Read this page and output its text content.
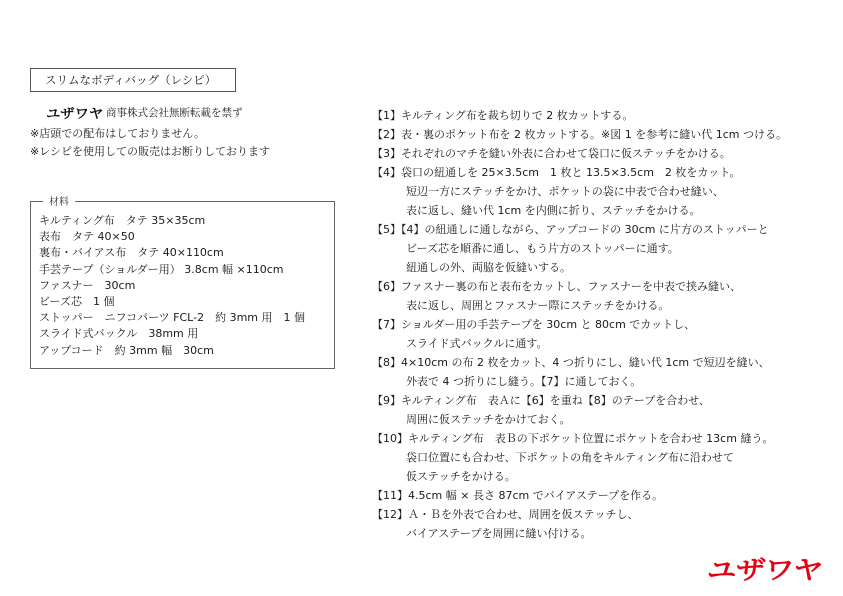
スリムなボディバッグ（レシピ）
ユザワヤ 商事株式会社無断転載を禁ず
※店頭での配布はしておりません。
※レシピを使用しての販売はお断りしております
材料
キルティング布　タテ 35×35cm
表布　タテ 40×50
裏布・バイアス布　タテ 40×110cm
手芸テープ（ショルダー用） 3.8cm 幅 ×110cm
ファスナー　30cm
ビーズ芯　1 個
ストッパー　ニフコパーツ FCL-2　約 3mm 用　1 個
スライド式バックル　38mm 用
アップコード　約 3mm 幅　30cm
【1】キルティング布を裁ち切りで 2 枚カットする。
【2】表・裏のポケット布を 2 枚カットする。※図 1 を参考に縫い代 1cm つける。
【3】それぞれのマチを縫い外表に合わせて袋口に仮ステッチをかける。
【4】袋口の紐通しを 25×3.5cm　1 枚と 13.5×3.5cm　2 枚をカット。
短辺一方にステッチをかけ、ポケットの袋に中表で合わせ縫い、
表に返し、縫い代 1cm を内側に折り、ステッチをかける。
【5】【4】の紐通しに通しながら、アップコードの 30cm に片方のストッパーと
ビーズ芯を順番に通し、もう片方のストッパーに通す。
紐通しの外、両脇を仮縫いする。
【6】ファスナー裏の布と表布をカットし、ファスナーを中表で挟み縫い、
表に返し、周囲とファスナー際にステッチをかける。
【7】ショルダー用の手芸テープを 30cm と 80cm でカットし、
スライド式バックルに通す。
【8】4×10cm の布 2 枚をカット、4 つ折りにし、縫い代 1cm で短辺を縫い、
外表で 4 つ折りにし縫う。【7】に通しておく。
【9】キルティング布　表Ａに【6】を重ね【8】のテープを合わせ、
周囲に仮ステッチをかけておく。
【10】キルティング布　表Ｂの下ポケット位置にポケットを合わせ 13cm 縫う。
袋口位置にも合わせ、下ポケットの角をキルティング布に沿わせて
仮ステッチをかける。
【11】4.5cm 幅 × 長さ 87cm でバイアステープを作る。
【12】Ａ・Ｂを外表で合わせ、周囲を仮ステッチし、
バイアステープを周囲に縫い付ける。
ユザワヤ
